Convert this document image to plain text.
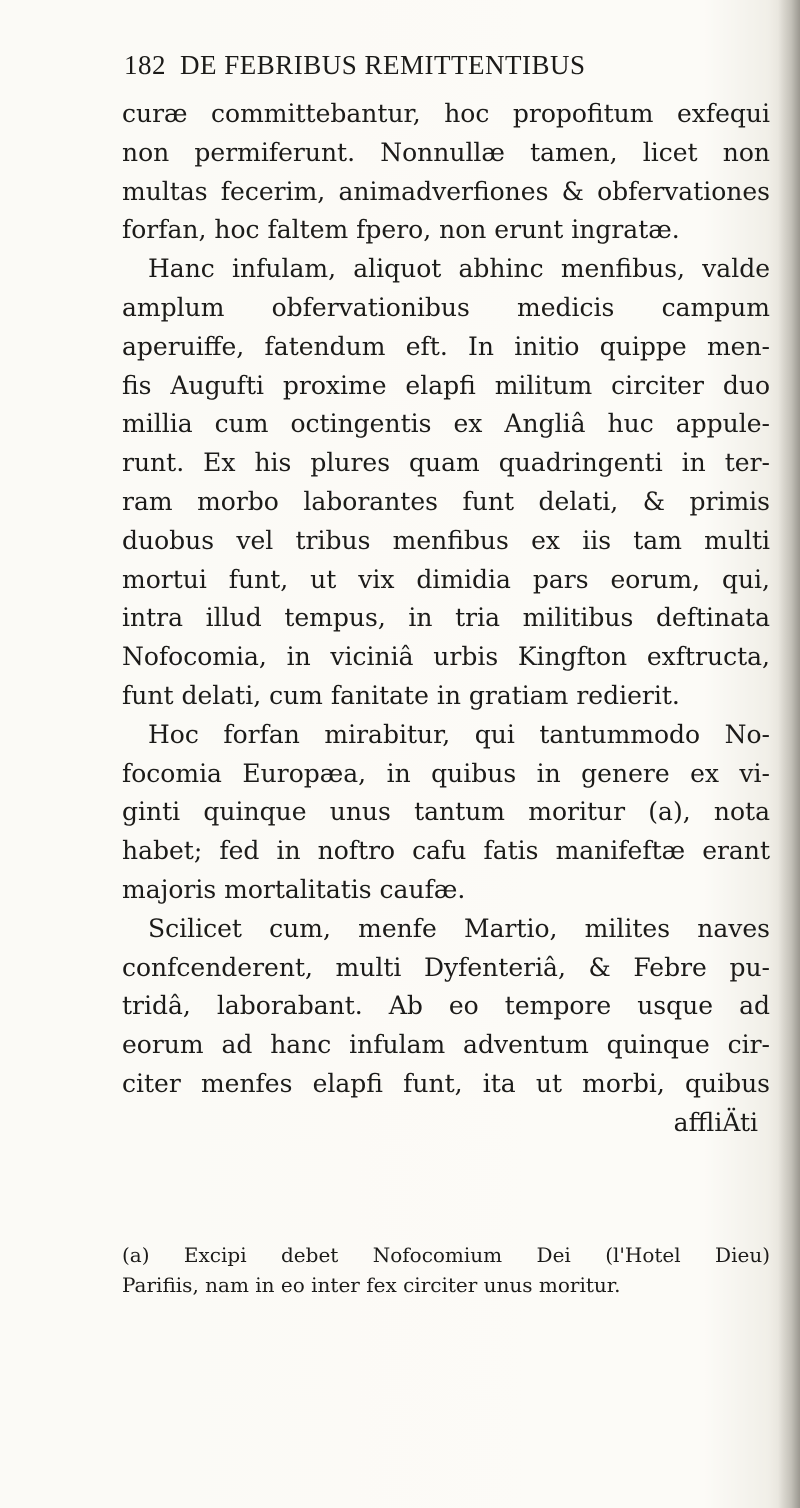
182 DE FEBRIBUS REMITTENTIBUS
curæ committebantur, hoc propofitum exfequi
non permiferunt. Nonnullæ tamen, licet non
multas fecerim, animadverfiones & obfervationes
forfan, hoc faltem fpero, non erunt ingratæ.
Hanc infulam, aliquot abhinc menfibus, valde
amplum obfervationibus medicis campum
aperuiffe, fatendum eft. In initio quippe men-
fis Augufti proxime elapfi militum circiter duo
millia cum octingentis ex Angliâ huc appule-
runt. Ex his plures quam quadringenti in ter-
ram morbo laborantes funt delati, & primis
duobus vel tribus menfibus ex iis tam multi
mortui funt, ut vix dimidia pars eorum, qui,
intra illud tempus, in tria militibus deftinata
Nofocomia, in viciniâ urbis Kingfton exftructa,
funt delati, cum fanitate in gratiam redierit.
Hoc forfan mirabitur, qui tantummodo No-
focomia Europæa, in quibus in genere ex vi-
ginti quinque unus tantum moritur (a), nota
habet; fed in noftro cafu fatis manifeftæ erant
majoris mortalitatis caufæ.
Scilicet cum, menfe Martio, milites naves
confcenderent, multi Dyfenteriâ, & Febre pu-
tridâ, laborabant. Ab eo tempore usque ad
eorum ad hanc infulam adventum quinque cir-
citer menfes elapfi funt, ita ut morbi, quibus
affliÄti
(a) Excipi debet Nofocomium Dei (l'Hotel Dieu)
Parifiis, nam in eo inter fex circiter unus moritur.
